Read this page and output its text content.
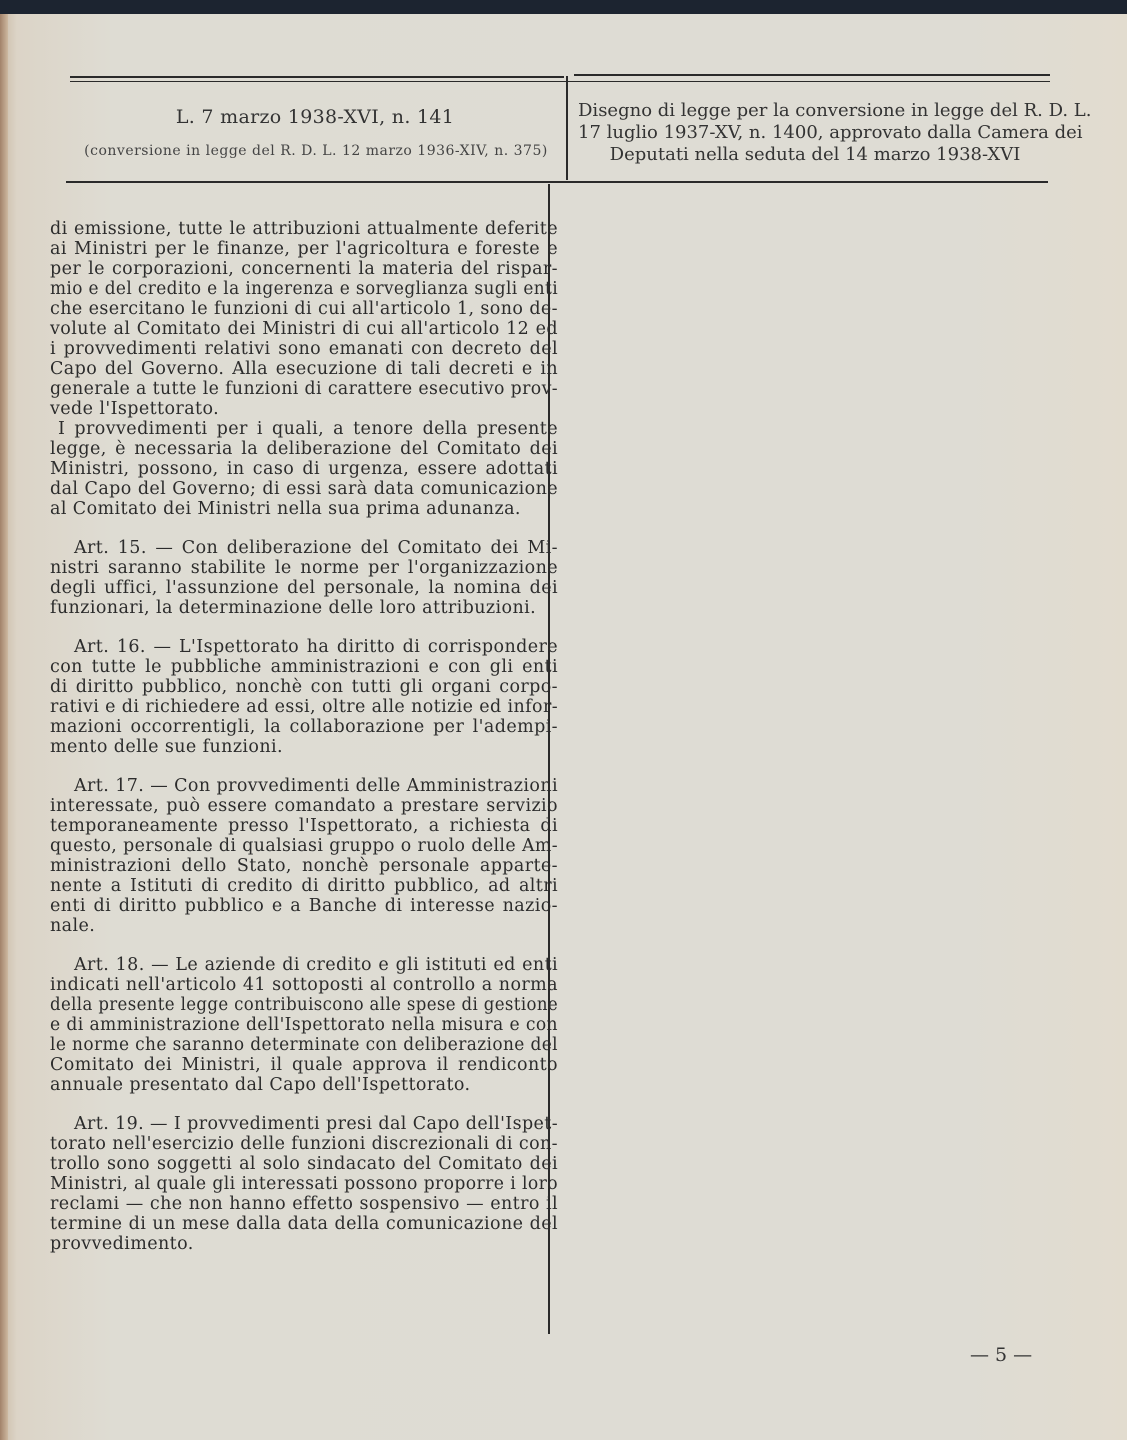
L. 7 marzo 1938-XVI, n. 141
(conversione in legge del R. D. L. 12 marzo 1936-XIV, n. 375)
Disegno di legge per la conversione in legge del R. D. L.
17 luglio 1937-XV, n. 1400, approvato dalla Camera dei
Deputati nella seduta del 14 marzo 1938-XVI
di emissione, tutte le attribuzioni attualmente deferite
ai Ministri per le finanze, per l'agricoltura e foreste e
per le corporazioni, concernenti la materia del rispar-
mio e del credito e la ingerenza e sorveglianza sugli enti
che esercitano le funzioni di cui all'articolo 1, sono de-
volute al Comitato dei Ministri di cui all'articolo 12 ed
i provvedimenti relativi sono emanati con decreto del
Capo del Governo. Alla esecuzione di tali decreti e in
generale a tutte le funzioni di carattere esecutivo prov-
vede l'Ispettorato.
I provvedimenti per i quali, a tenore della presente
legge, è necessaria la deliberazione del Comitato dei
Ministri, possono, in caso di urgenza, essere adottati
dal Capo del Governo; di essi sarà data comunicazione
al Comitato dei Ministri nella sua prima adunanza.
Art. 15. — Con deliberazione del Comitato dei Mi-
nistri saranno stabilite le norme per l'organizzazione
degli uffici, l'assunzione del personale, la nomina dei
funzionari, la determinazione delle loro attribuzioni.
Art. 16. — L'Ispettorato ha diritto di corrispondere
con tutte le pubbliche amministrazioni e con gli enti
di diritto pubblico, nonchè con tutti gli organi corpo-
rativi e di richiedere ad essi, oltre alle notizie ed infor-
mazioni occorrentigli, la collaborazione per l'adempi-
mento delle sue funzioni.
Art. 17. — Con provvedimenti delle Amministrazioni
interessate, può essere comandato a prestare servizio
temporaneamente presso l'Ispettorato, a richiesta di
questo, personale di qualsiasi gruppo o ruolo delle Am-
ministrazioni dello Stato, nonchè personale apparte-
nente a Istituti di credito di diritto pubblico, ad altri
enti di diritto pubblico e a Banche di interesse nazio-
nale.
Art. 18. — Le aziende di credito e gli istituti ed enti
indicati nell'articolo 41 sottoposti al controllo a norma
della presente legge contribuiscono alle spese di gestione
e di amministrazione dell'Ispettorato nella misura e con
le norme che saranno determinate con deliberazione del
Comitato dei Ministri, il quale approva il rendiconto
annuale presentato dal Capo dell'Ispettorato.
Art. 19. — I provvedimenti presi dal Capo dell'Ispet-
torato nell'esercizio delle funzioni discrezionali di con-
trollo sono soggetti al solo sindacato del Comitato dei
Ministri, al quale gli interessati possono proporre i loro
reclami — che non hanno effetto sospensivo — entro il
termine di un mese dalla data della comunicazione del
provvedimento.
— 5 —
